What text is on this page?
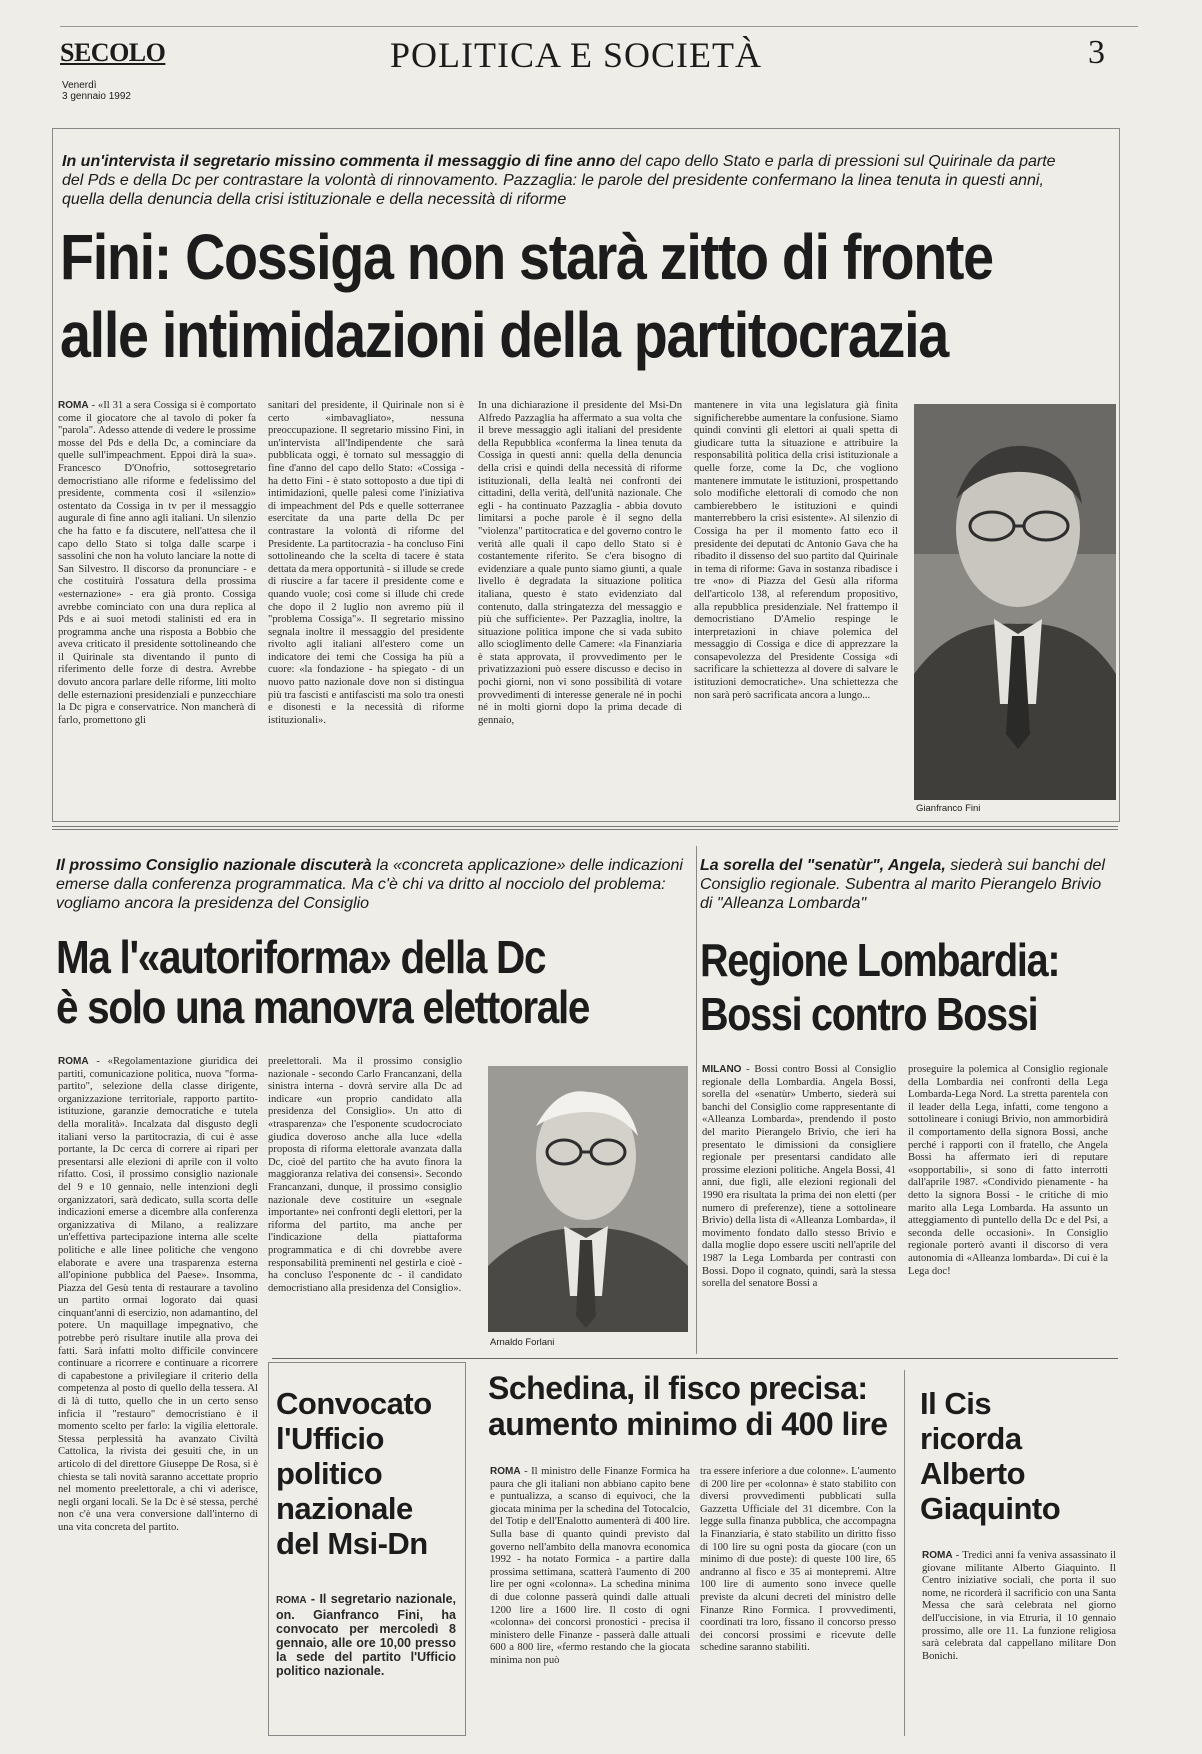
SECOLO
Venerdì
3 gennaio 1992
POLITICA E SOCIETÀ	3
In un'intervista il segretario missino commenta il messaggio di fine anno del capo dello Stato e parla di pressioni sul Quirinale da parte del Pds e della Dc per contrastare la volontà di rinnovamento. Pazzaglia: le parole del presidente confermano la linea tenuta in questi anni, quella della denuncia della crisi istituzionale e della necessità di riforme
Fini: Cossiga non starà zitto di fronte
alle intimidazioni della partitocrazia
ROMA - «Il 31 a sera Cossiga si è comportato come il giocatore che al tavolo di poker fa "parola". Adesso attende di vedere le prossime mosse del Pds e della Dc, a cominciare da quelle sull'impeachment. Eppoi dirà la sua». Francesco D'Onofrio, sottosegretario democristiano alle riforme e fedelissimo del presidente, commenta così il «silenzio» ostentato da Cossiga in tv per il messaggio augurale di fine anno agli italiani. Un silenzio che ha fatto e fa discutere, nell'attesa che il capo dello Stato si tolga dalle scarpe i sassolini che non ha voluto lanciare la notte di San Silvestro. Il discorso da pronunciare - e che costituirà l'ossatura della prossima «esternazione» - era già pronto. Cossiga avrebbe cominciato con una dura replica al Pds e ai suoi metodi stalinisti ed era in programma anche una risposta a Bobbio che aveva criticato il presidente sottolineando che il Quirinale sta diventando il punto di riferimento delle forze di destra. Avrebbe dovuto ancora parlare delle riforme, liti molto delle esternazioni presidenziali e punzecchiare la Dc pigra e conservatrice. Non mancherà di farlo, promettono gli
sanitari del presidente, il Quirinale non si è certo «imbavagliato», nessuna preoccupazione. Il segretario missino Fini, in un'intervista all'Indipendente che sarà pubblicata oggi, è tornato sul messaggio di fine d'anno del capo dello Stato: «Cossiga - ha detto Fini - è stato sottoposto a due tipi di intimidazioni, quelle palesi come l'iniziativa di impeachment del Pds e quelle sotterranee esercitate da una parte della Dc per contrastare la volontà di riforme del Presidente. La partitocrazia - ha concluso Fini sottolineando che la scelta di tacere è stata dettata da mera opportunità - si illude se crede di riuscire a far tacere il presidente come e quando vuole; così come si illude chi crede che dopo il 2 luglio non avremo più il "problema Cossiga"». Il segretario missino segnala inoltre il messaggio del presidente rivolto agli italiani all'estero come un indicatore dei temi che Cossiga ha più a cuore: «la fondazione - ha spiegato - di un nuovo patto nazionale dove non si distingua più tra fascisti e antifascisti ma solo tra onesti e disonesti e la necessità di riforme istituzionali».
In una dichiarazione il presidente del Msi-Dn Alfredo Pazzaglia ha affermato a sua volta che il breve messaggio agli italiani del presidente della Repubblica «conferma la linea tenuta da Cossiga in questi anni: quella della denuncia della crisi e quindi della necessità di riforme istituzionali, della lealtà nei confronti dei cittadini, della verità, dell'unità nazionale. Che egli - ha continuato Pazzaglia - abbia dovuto limitarsi a poche parole è il segno della "violenza" partitocratica e del governo contro le verità alle quali il capo dello Stato si è costantemente riferito. Se c'era bisogno di evidenziare a quale punto siamo giunti, a quale livello è degradata la situazione politica italiana, questo è stato evidenziato dal contenuto, dalla stringatezza del messaggio e più che sufficiente». Per Pazzaglia, inoltre, la situazione politica impone che si vada subito allo scioglimento delle Camere: «la Finanziaria è stata approvata, il provvedimento per le privatizzazioni può essere discusso e deciso in pochi giorni, non vi sono possibilità di votare provvedimenti di interesse generale né in pochi né in molti giorni dopo la prima decade di gennaio,
mantenere in vita una legislatura già finita significherebbe aumentare la confusione. Siamo quindi convinti gli elettori ai quali spetta di giudicare tutta la situazione e attribuire la responsabilità politica della crisi istituzionale a quelle forze, come la Dc, che vogliono mantenere immutate le istituzioni, prospettando solo modifiche elettorali di comodo che non cambierebbero le istituzioni e quindi manterrebbero la crisi esistente». Al silenzio di Cossiga ha per il momento fatto eco il presidente dei deputati dc Antonio Gava che ha ribadito il dissenso del suo partito dal Quirinale in tema di riforme: Gava in sostanza ribadisce i tre «no» di Piazza del Gesù alla riforma dell'articolo 138, al referendum propositivo, alla repubblica presidenziale. Nel frattempo il democristiano D'Amelio respinge le interpretazioni in chiave polemica del messaggio di Cossiga e dice di apprezzare la consapevolezza del Presidente Cossiga «di sacrificare la schiettezza al dovere di salvare le istituzioni democratiche». Una schiettezza che non sarà però sacrificata ancora a lungo...
Gianfranco Fini
Il prossimo Consiglio nazionale discuterà la «concreta applicazione» delle indicazioni emerse dalla conferenza programmatica. Ma c'è chi va dritto al nocciolo del problema: vogliamo ancora la presidenza del Consiglio
Ma l'«autoriforma» della Dc
è solo una manovra elettorale
ROMA - «Regolamentazione giuridica dei partiti, comunicazione politica, nuova "forma-partito", selezione della classe dirigente, organizzazione territoriale, rapporto partito-istituzione, garanzie democratiche e tutela della moralità». Incalzata dal disgusto degli italiani verso la partitocrazia, di cui è asse portante, la Dc cerca di correre ai ripari per presentarsi alle elezioni di aprile con il volto rifatto. Così, il prossimo consiglio nazionale del 9 e 10 gennaio, nelle intenzioni degli organizzatori, sarà dedicato, sulla scorta delle indicazioni emerse a dicembre alla conferenza organizzativa di Milano, a realizzare un'effettiva partecipazione interna alle scelte politiche e alle linee politiche che vengono elaborate e avere una trasparenza esterna all'opinione pubblica del Paese». Insomma, Piazza del Gesù tenta di restaurare a tavolino un partito ormai logorato dai quasi cinquant'anni di esercizio, non adamantino, del potere. Un maquillage impegnativo, che potrebbe però risultare inutile alla prova dei fatti. Sarà infatti molto difficile convincere continuare a ricorrere e continuare a ricorrere di capabestone a privilegiare il criterio della competenza al posto di quello della tessera. Al di là di tutto, quello che in un certo senso inficia il "restauro" democristiano è il momento scelto per farlo: la vigilia elettorale. Stessa perplessità ha avanzato Civiltà Cattolica, la rivista dei gesuiti che, in un articolo di del direttore Giuseppe De Rosa, si è chiesta se tali novità saranno accettate proprio nel momento preelettorale, a chi vi aderisce, negli organi locali. Se la Dc è sé stessa, perché non c'è una vera conversione dall'interno di una vita concreta del partito.
preelettorali. Ma il prossimo consiglio nazionale - secondo Carlo Francanzani, della sinistra interna - dovrà servire alla Dc ad indicare «un proprio candidato alla presidenza del Consiglio». Un atto di «trasparenza» che l'esponente scudocrociato giudica doveroso anche alla luce «della proposta di riforma elettorale avanzata dalla Dc, cioè del partito che ha avuto finora la maggioranza relativa dei consensi». Secondo Francanzani, dunque, il prossimo consiglio nazionale deve costituire un «segnale importante» nei confronti degli elettori, per la riforma del partito, ma anche per l'indicazione della piattaforma programmatica e di chi dovrebbe avere responsabilità preminenti nel gestirla e cioè - ha concluso l'esponente dc - il candidato democristiano alla presidenza del Consiglio».
Arnaldo Forlani
La sorella del "senatùr", Angela, siederà sui banchi del Consiglio regionale. Subentra al marito Pierangelo Brivio di "Alleanza Lombarda"
Regione Lombardia:
Bossi contro Bossi
MILANO - Bossi contro Bossi al Consiglio regionale della Lombardia. Angela Bossi, sorella del «senatùr» Umberto, siederà sui banchi del Consiglio come rappresentante di «Alleanza Lombarda», prendendo il posto del marito Pierangelo Brivio, che ieri ha presentato le dimissioni da consigliere regionale per presentarsi candidato alle prossime elezioni politiche. Angela Bossi, 41 anni, due figli, alle elezioni regionali del 1990 era risultata la prima dei non eletti (per numero di preferenze), tiene a sottolineare Brivio) della lista di «Alleanza Lombarda», il movimento fondato dallo stesso Brivio e dalla moglie dopo essere usciti nell'aprile del 1987 la Lega Lombarda per contrasti con Bossi. Dopo il cognato, quindi, sarà la stessa sorella del senatore Bossi a
proseguire la polemica al Consiglio regionale della Lombardia nei confronti della Lega Lombarda-Lega Nord. La stretta parentela con il leader della Lega, infatti, come tengono a sottolineare i coniugi Brivio, non ammorbidirà il comportamento della signora Bossi, anche perché i rapporti con il fratello, che Angela Bossi ha affermato ieri di reputare «sopportabili», si sono di fatto interrotti dall'aprile 1987. «Condivido pienamente - ha detto la signora Bossi - le critiche di mio marito alla Lega Lombarda. Ha assunto un atteggiamento di puntello della Dc e del Psi, a seconda delle occasioni». In Consiglio regionale porterò avanti il discorso di vera autonomia di «Alleanza lombarda». Di cui è la Lega doc!
Convocato
l'Ufficio
politico
nazionale
del Msi-Dn
ROMA - Il segretario nazionale, on. Gianfranco Fini, ha convocato per mercoledì 8 gennaio, alle ore 10,00 presso la sede del partito l'Ufficio politico nazionale.
Schedina, il fisco precisa:
aumento minimo di 400 lire
ROMA - Il ministro delle Finanze Formica ha paura che gli italiani non abbiano capito bene e puntualizza, a scanso di equivoci, che la giocata minima per la schedina del Totocalcio, del Totip e dell'Enalotto aumenterà di 400 lire. Sulla base di quanto quindi previsto dal governo nell'ambito della manovra economica 1992 - ha notato Formica - a partire dalla prossima settimana, scatterà l'aumento di 200 lire per ogni «colonna». La schedina minima di due colonne passerà quindi dalle attuali 1200 lire a 1600 lire. Il costo di ogni «colonna» dei concorsi pronostici - precisa il ministero delle Finanze - passerà dalle attuali 600 a 800 lire, «fermo restando che la giocata minima non può
tra essere inferiore a due colonne». L'aumento di 200 lire per «colonna» è stato stabilito con diversi provvedimenti pubblicati sulla Gazzetta Ufficiale del 31 dicembre. Con la legge sulla finanza pubblica, che accompagna la Finanziaria, è stato stabilito un diritto fisso di 100 lire su ogni posta da giocare (con un minimo di due poste): di queste 100 lire, 65 andranno al fisco e 35 ai montepremi. Altre 100 lire di aumento sono invece quelle previste da alcuni decreti del ministro delle Finanze Rino Formica. I provvedimenti, coordinati tra loro, fissano il concorso presso dei concorsi prossimi e ricevute delle schedine saranno stabiliti.
Il Cis
ricorda
Alberto
Giaquinto
ROMA - Tredici anni fa veniva assassinato il giovane militante Alberto Giaquinto. Il Centro iniziative sociali, che porta il suo nome, ne ricorderà il sacrificio con una Santa Messa che sarà celebrata nel giorno dell'uccisione, in via Etruria, il 10 gennaio prossimo, alle ore 11. La funzione religiosa sarà celebrata dal cappellano militare Don Bonichi.
